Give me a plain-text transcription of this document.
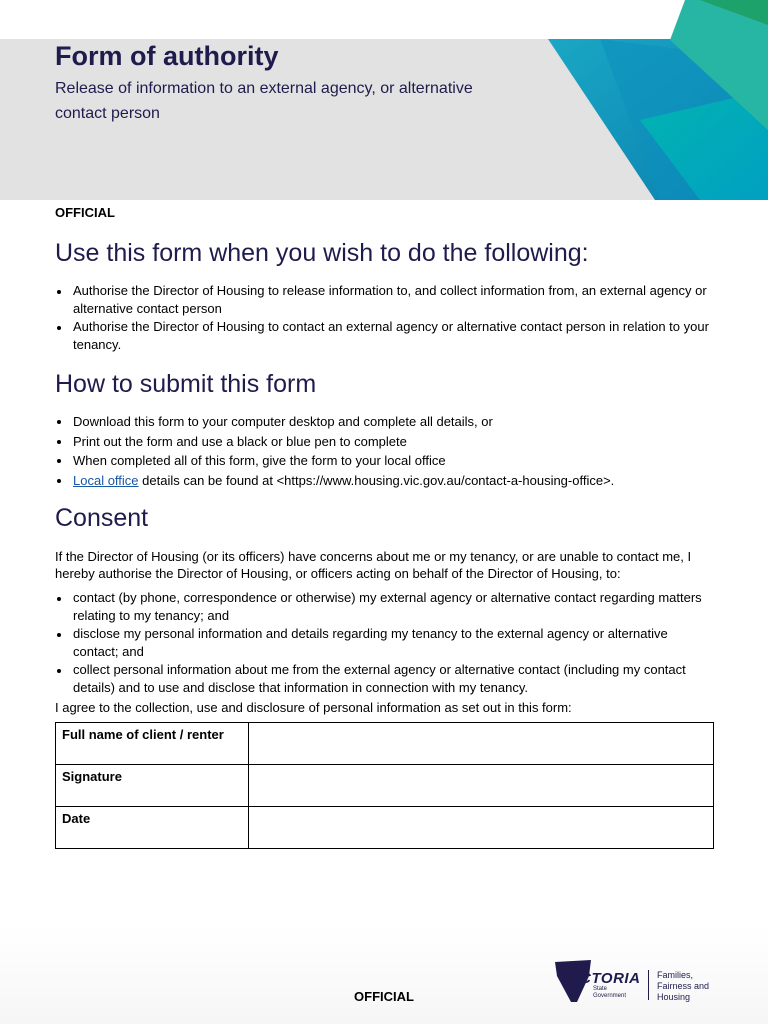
Form of authority

Release of information to an external agency, or alternative contact person

OFFICIAL
Use this form when you wish to do the following:
Authorise the Director of Housing to release information to, and collect information from, an external agency or alternative contact person
Authorise the Director of Housing to contact an external agency or alternative contact person in relation to your tenancy.
How to submit this form
Download this form to your computer desktop and complete all details, or
Print out the form and use a black or blue pen to complete
When completed all of this form, give the form to your local office
Local office details can be found at <https://www.housing.vic.gov.au/contact-a-housing-office>.
Consent

If the Director of Housing (or its officers) have concerns about me or my tenancy, or are unable to contact me, I hereby authorise the Director of Housing, or officers acting on behalf of the Director of Housing, to:

contact (by phone, correspondence or otherwise) my external agency or alternative contact regarding matters relating to my tenancy; and
disclose my personal information and details regarding my tenancy to the external agency or alternative contact; and
collect personal information about me from the external agency or alternative contact (including my contact details) and to use and disclose that information in connection with my tenancy.

I agree to the collection, use and disclosure of personal information as set out in this form:

Full name of client / renter	
Signature	
Date	
OFFICIAL
VICTORIA
State Government
Families, Fairness and Housing
